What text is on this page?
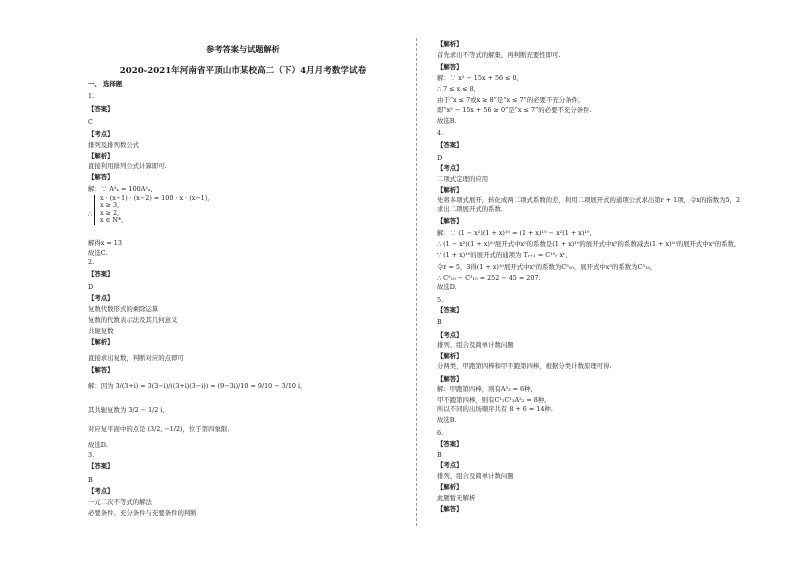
参考答案与试题解析
2020-2021年河南省平顶山市某校高二（下）4月月考数学试卷
一、 选择题
1.
【答案】
C
【考点】
排列及排列数公式
【解析】
直接利用排列公式计算即可.
【解答】
解：∵ A³ₓ = 100A²ₓ,
解得x = 13
故选C.
2.
【答案】
D
【考点】
复数代数形式的乘除运算
复数的代数表示法及其几何意义
共轭复数
【解析】
直接求出复数，判断对应的点即可
【解答】
解：因为 3/(3+i) = 3(3−i)/((3+i)(3−i)) = (9−3i)/10 = 9/10 − 3/10 i,
其共轭复数为 3/2 − 1/2 i,
对应复平面中的点是 (3/2, −1/2)，位于第四象限.
故选D.
3.
【答案】
B
【考点】
一元二次不等式的解法
必要条件、充分条件与充要条件的判断
∴
x · (x−1) · (x−2) = 100 · x · (x−1),
x ≥ 3,
x ≥ 2,
x ∈ N*,
【解析】
首先求出不等式的解集，再判断充要性即可.
【解答】
解：∵ x² − 15x + 56 ≤ 0,
∴ 7 ≤ x ≤ 8,
由于“x ≤ 7或x ≥ 8”是“x ≤ 7”的必要不充分条件,
即“x² − 15x + 56 ≥ 0”是“x ≤ 7”的必要不充分条件.
故选B.
4.
【答案】
D
【考点】
二项式定理的应用
【解析】
先将多项式展开，转化成两二项式系数的差，利用二项展开式的通项公式求出第r + 1项，令x的指数为5，2
求出二项展开式的系数.
【解答】
解：∵ (1 − x²)(1 + x)¹⁰ = (1 + x)¹⁰ − x²(1 + x)¹⁰,
∴ (1 − x²)(1 + x)¹⁰展开式中x⁵的系数是(1 + x)¹⁰的展开式中x⁵的系数减去(1 + x)¹⁰的展开式中x³的系数,
∵ (1 + x)¹⁰的展开式的通项为 Tᵣ₊₁ = C¹⁰ᵣ xʳ,
令r = 5，3得(1 + x)¹⁰展开式中x⁵的系数为C⁵₁₀，展开式中x³的系数为C³₁₀,
∴ C⁵₁₀ − C³₁₀ = 252 − 45 = 207.
故选D.
5.
【答案】
B
【考点】
排列、组合及简单计数问题
【解析】
分两类，甲跑第四棒和甲不跑第四棒，根据分类计数原理可得.
【解答】
解：甲跑第四棒，则有A³₃ = 6种,
甲不跑第四棒，则有C¹₂C¹₂A²₂ = 8种,
所以不同的出场顺序共有 8 + 6 = 14种.
故选B.
6.
【答案】
B
【考点】
排列、组合及简单计数问题
【解析】
此题暂无解析
【解答】
